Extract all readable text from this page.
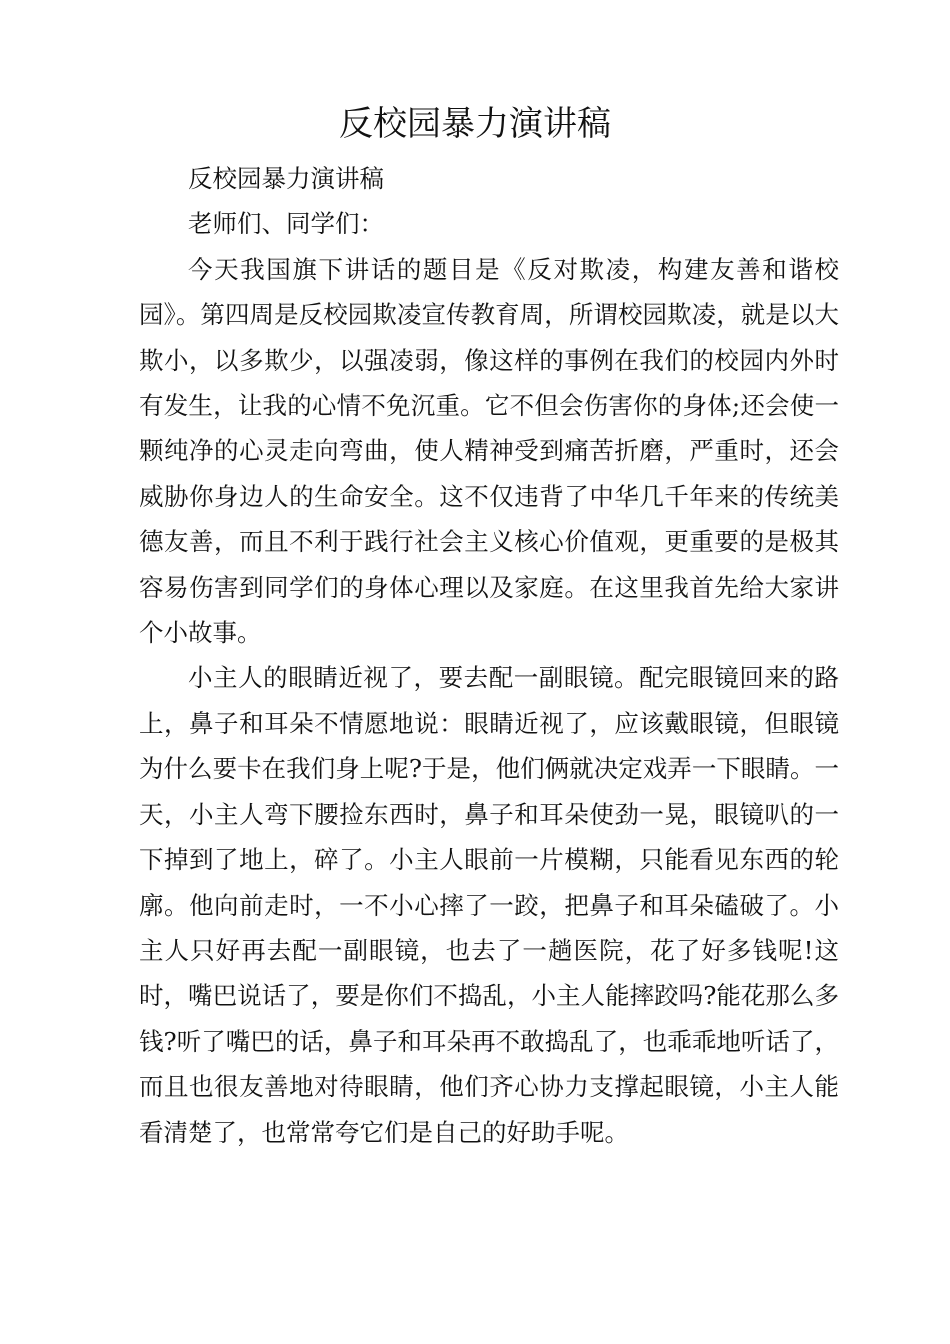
反校园暴力演讲稿

反校园暴力演讲稿

老师们、同学们：

今天我国旗下讲话的题目是《反对欺凌，构建友善和谐校园》。第四周是反校园欺凌宣传教育周，所谓校园欺凌，就是以大欺小，以多欺少，以强凌弱，像这样的事例在我们的校园内外时有发生，让我的心情不免沉重。它不但会伤害你的身体;还会使一颗纯净的心灵走向弯曲，使人精神受到痛苦折磨，严重时，还会威胁你身边人的生命安全。这不仅违背了中华几千年来的传统美德友善，而且不利于践行社会主义核心价值观，更重要的是极其容易伤害到同学们的身体心理以及家庭。在这里我首先给大家讲个小故事。

小主人的眼睛近视了，要去配一副眼镜。配完眼镜回来的路上，鼻子和耳朵不情愿地说：眼睛近视了，应该戴眼镜，但眼镜为什么要卡在我们身上呢?于是，他们俩就决定戏弄一下眼睛。一天，小主人弯下腰捡东西时，鼻子和耳朵使劲一晃，眼镜叭的一下掉到了地上，碎了。小主人眼前一片模糊，只能看见东西的轮廓。他向前走时，一不小心摔了一跤，把鼻子和耳朵磕破了。小主人只好再去配一副眼镜，也去了一趟医院，花了好多钱呢!这时，嘴巴说话了，要是你们不捣乱，小主人能摔跤吗?能花那么多钱?听了嘴巴的话，鼻子和耳朵再不敢捣乱了，也乖乖地听话了，而且也很友善地对待眼睛，他们齐心协力支撑起眼镜，小主人能看清楚了，也常常夸它们是自己的好助手呢。
